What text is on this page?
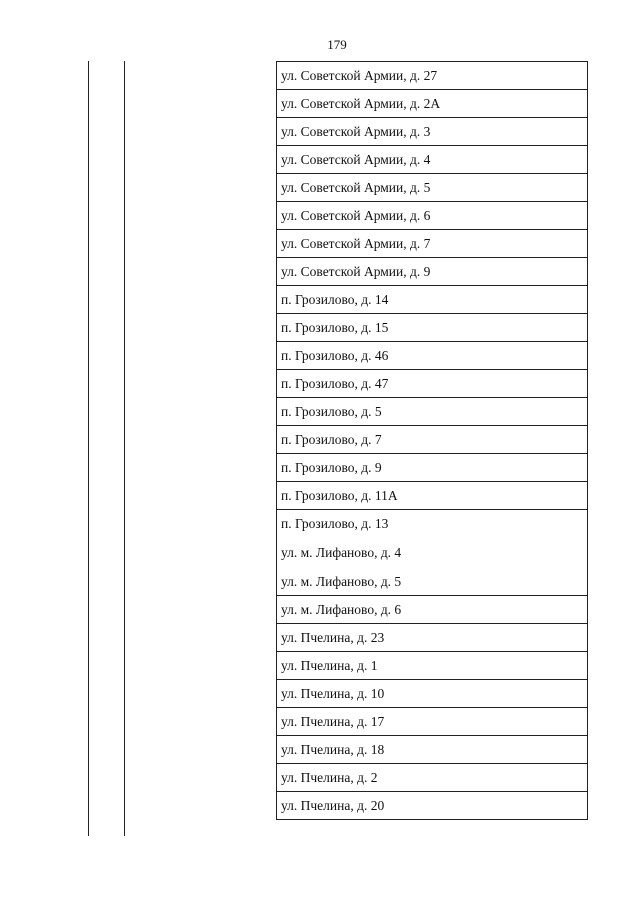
179
ул. Советской Армии, д. 27
ул. Советской Армии, д. 2А
ул. Советской Армии, д. 3
ул. Советской Армии, д. 4
ул. Советской Армии, д. 5
ул. Советской Армии, д. 6
ул. Советской Армии, д. 7
ул. Советской Армии, д. 9
п. Грозилово, д. 14
п. Грозилово, д. 15
п. Грозилово, д. 46
п. Грозилово, д. 47
п. Грозилово, д. 5
п. Грозилово, д. 7
п. Грозилово, д. 9
п. Грозилово, д. 11А
п. Грозилово, д. 13
ул. м. Лифаново, д. 4
ул. м. Лифаново, д. 5
ул. м. Лифаново, д. 6
ул. Пчелина, д. 23
ул. Пчелина, д. 1
ул. Пчелина, д. 10
ул. Пчелина, д. 17
ул. Пчелина, д. 18
ул. Пчелина, д. 2
ул. Пчелина, д. 20
